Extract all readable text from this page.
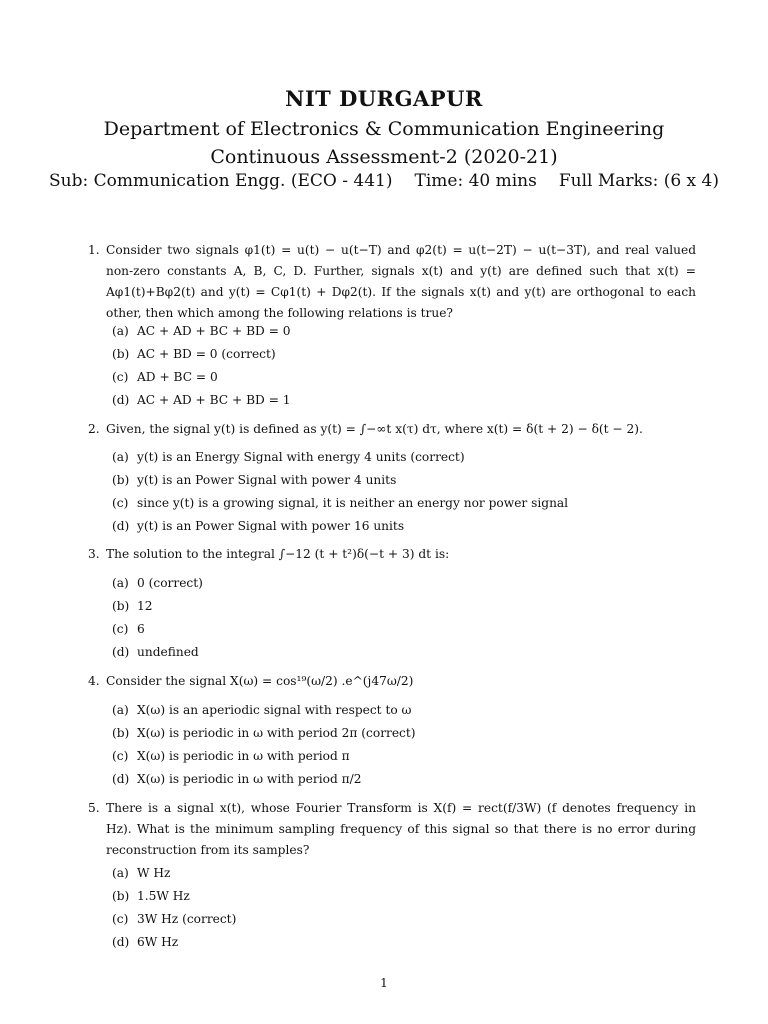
NIT DURGAPUR
Department of Electronics & Communication Engineering
Continuous Assessment-2 (2020-21)
Sub: Communication Engg. (ECO - 441) Time: 40 mins Full Marks: (6 x 4)
1. Consider two signals φ1(t) = u(t) − u(t−T) and φ2(t) = u(t−2T) − u(t−3T), and real valued non-zero constants A, B, C, D. Further, signals x(t) and y(t) are defined such that x(t) = Aφ1(t)+Bφ2(t) and y(t) = Cφ1(t) + Dφ2(t). If the signals x(t) and y(t) are orthogonal to each other, then which among the following relations is true?
(a) AC + AD + BC + BD = 0
(b) AC + BD = 0 (correct)
(c) AD + BC = 0
(d) AC + AD + BC + BD = 1
2. Given, the signal y(t) is defined as y(t) = ∫−∞t x(τ) dτ, where x(t) = δ(t + 2) − δ(t − 2).
(a) y(t) is an Energy Signal with energy 4 units (correct)
(b) y(t) is an Power Signal with power 4 units
(c) since y(t) is a growing signal, it is neither an energy nor power signal
(d) y(t) is an Power Signal with power 16 units
3. The solution to the integral ∫−12 (t + t²)δ(−t + 3) dt is:
(a) 0 (correct)
(b) 12
(c) 6
(d) undefined
4. Consider the signal X(ω) = cos¹⁹(ω/2) .e^(j47ω/2)
(a) X(ω) is an aperiodic signal with respect to ω
(b) X(ω) is periodic in ω with period 2π (correct)
(c) X(ω) is periodic in ω with period π
(d) X(ω) is periodic in ω with period π/2
5. There is a signal x(t), whose Fourier Transform is X(f) = rect(f/3W) (f denotes frequency in Hz). What is the minimum sampling frequency of this signal so that there is no error during reconstruction from its samples?
(a) W Hz
(b) 1.5W Hz
(c) 3W Hz (correct)
(d) 6W Hz
1
